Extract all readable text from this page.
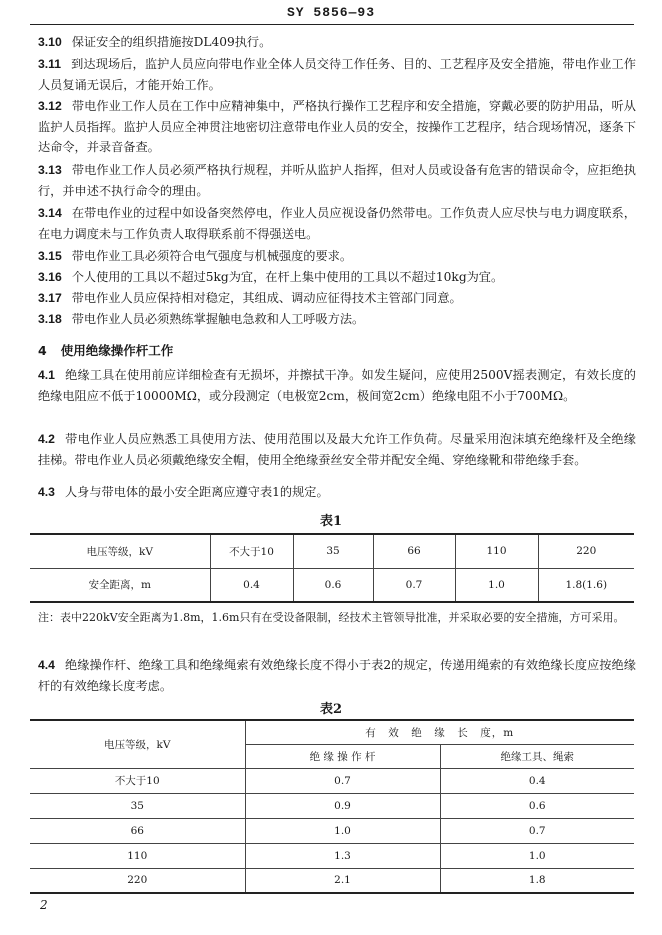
SY 5856—93
3.10 保证安全的组织措施按DL409执行。
3.11 到达现场后，监护人员应向带电作业全体人员交待工作任务、目的、工艺程序及安全措施，带电作业工作人员复诵无误后，才能开始工作。
3.12 带电作业工作人员在工作中应精神集中，严格执行操作工艺程序和安全措施，穿戴必要的防护用品，听从监护人员指挥。监护人员应全神贯注地密切注意带电作业人员的安全，按操作工艺程序，结合现场情况，逐条下达命令，并录音备查。
3.13 带电作业工作人员必须严格执行规程，并听从监护人指挥，但对人员或设备有危害的错误命令，应拒绝执行，并申述不执行命令的理由。
3.14 在带电作业的过程中如设备突然停电，作业人员应视设备仍然带电。工作负责人应尽快与电力调度联系，在电力调度未与工作负责人取得联系前不得强送电。
3.15 带电作业工具必须符合电气强度与机械强度的要求。
3.16 个人使用的工具以不超过5kg为宜，在杆上集中使用的工具以不超过10kg为宜。
3.17 带电作业人员应保持相对稳定，其组成、调动应征得技术主管部门同意。
3.18 带电作业人员必须熟练掌握触电急救和人工呼吸方法。
4 使用绝缘操作杆工作
4.1 绝缘工具在使用前应详细检查有无损坏，并擦拭干净。如发生疑问，应使用2500V摇表测定，有效长度的绝缘电阻应不低于10000MΩ，或分段测定（电极宽2cm，极间宽2cm）绝缘电阻不小于700MΩ。
4.2 带电作业人员应熟悉工具使用方法、使用范围以及最大允许工作负荷。尽量采用泡沫填充绝缘杆及全绝缘挂梯。带电作业人员必须戴绝缘安全帽，使用全绝缘蚕丝安全带并配安全绳、穿绝缘靴和带绝缘手套。
4.3 人身与带电体的最小安全距离应遵守表1的规定。
表1
电压等级，kV	不大于10	35	66	110	220
安全距离，m	0.4	0.6	0.7	1.0	1.8(1.6)
注：表中220kV安全距离为1.8m，1.6m只有在受设备限制，经技术主管领导批准，并采取必要的安全措施，方可采用。
4.4 绝缘操作杆、绝缘工具和绝缘绳索有效绝缘长度不得小于表2的规定，传递用绳索的有效绝缘长度应按绝缘杆的有效绝缘长度考虑。
表2
电压等级，kV	有　效　绝　缘　长　度，m	
	绝 缘 操 作 杆	绝缘工具、绳索
不大于10	0.7	0.4
35	0.9	0.6
66	1.0	0.7
110	1.3	1.0
220	2.1	1.8
2
